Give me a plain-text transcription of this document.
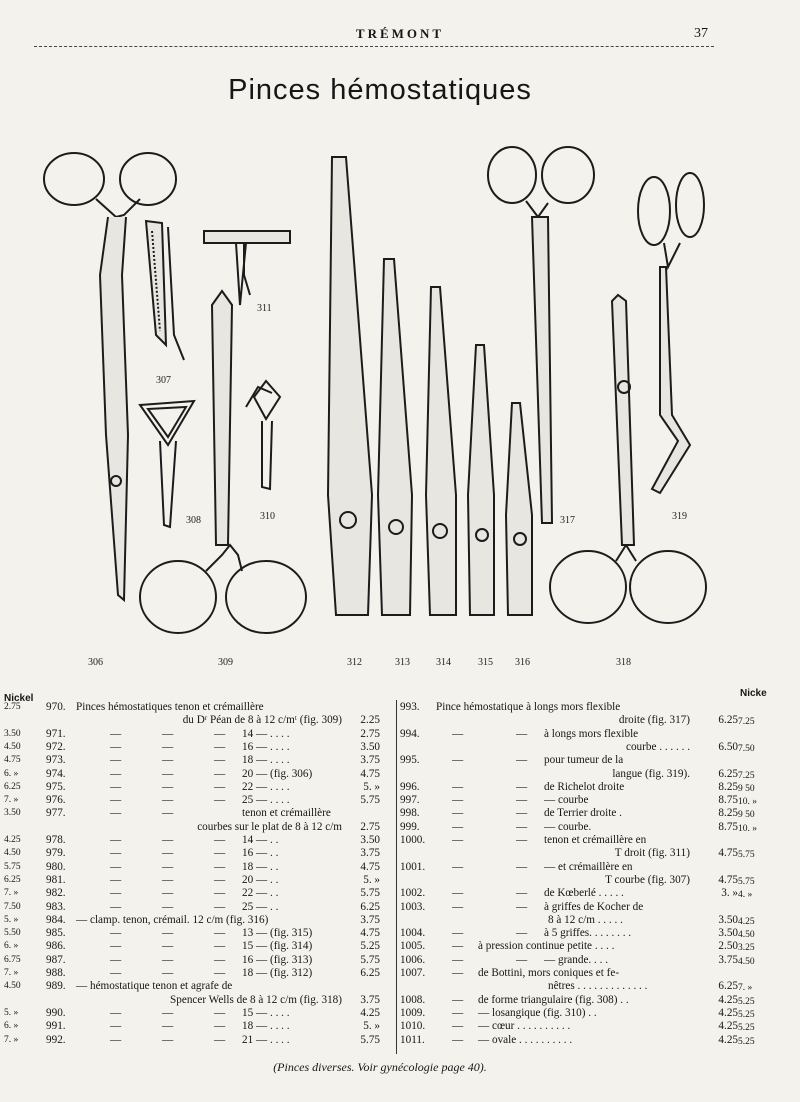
TRÉMONT	37
Pinces hémostatiques
307
311
308	310
306	309	312	313	314	315 316
317	319
318
Nickel	Nicke
2.75 970. Pinces hémostatiques tenon et crémaillère
du Dʳ Péan de 8 à 12 c/mᵗ (fig. 309)	2.25
3.50 971.	—	—	— 14 — . . . .	2.75
4.50 972.	—	—	— 16 — . . . .	3.50
4.75 973.	—	—	— 18 — . . . .	3.75
6. » 974.	—	—	— 20 — (fig. 306)	4.75
6.25 975.	—	—	— 22 — . . . .	5. »
7. » 976.	—	—	— 25 — . . . .	5.75
3.50 977.	—	—	tenon et crémaillère
courbes sur le plat de 8 à 12 c/m	2.75
4.25 978.	—	—	— 14 — . .	3.50
4.50 979.	—	—	— 16 — . .	3.75
5.75 980.	—	—	— 18 — . .	4.75
6.25 981.	—	—	— 20 — . .	5. »
7. » 982.	—	—	— 22 — . .	5.75
7.50 983.	—	—	— 25 — . .	6.25
5. » 984. — clamp. tenon, crémail. 12 c/m (fig. 316)	3.75
5.50 985.	—	—	— 13 — (fig. 315)	4.75
6. » 986.	—	—	— 15 — (fig. 314)	5.25
6.75 987.	—	—	— 16 — (fig. 313)	5.75
7. » 988.	—	—	— 18 — (fig. 312)	6.25
4.50 989. — hémostatique tenon et agrafe de
Spencer Wells de 8 à 12 c/m (fig. 318)	3.75
5. » 990.	—	—	— 15 — . . . .	4.25
6. » 991.	—	—	— 18 — . . . .	5. »
7. » 992.	—	—	— 21 — . . . .	5.75
993. Pince hémostatique à longs mors flexible
droite (fig. 317)	6.25 7.25
994.	—	— à longs mors flexible
courbe . . . . . .	6.50 7.50
995.	—	— pour tumeur de la
langue (fig. 319).	6.25 7.25
996.	—	— de Richelot droite	8.25 9 50
997.	—	— — courbe	8.75 10. »
998.	—	— de Terrier droite .	8.25 9 50
999.	—	— — courbe.	8.75 10. »
1000. —	— tenon et crémaillère en
T droit (fig. 311)	4.75 5.75
1001. —	— — et crémaillère en
T courbe (fig. 307)	4.75 5.75
1002. —	— de Kœberlé . . . . .	3. » 4. »
1003. —	— à griffes de Kocher de
8 à 12 c/m . . . . .	3.50 4.25
1004. —	— à 5 griffes. . . . . . . .	3.50 4.50
1005. — à pression continue petite . . . .	2.50 3.25
1006. —	— — grande. . . .	3.75 4.50
1007. — de Bottini, mors coniques et fe-
nêtres . . . . . . . . . . . . .	6.25 7. »
1008. — de forme triangulaire (fig. 308) . .	4.25 5.25
1009. — — losangique (fig. 310) . .	4.25 5.25
1010. — — cœur . . . . . . . . . .	4.25 5.25
1011. — — ovale . . . . . . . . . .	4.25 5.25
(Pinces diverses. Voir gynécologie page 40).
